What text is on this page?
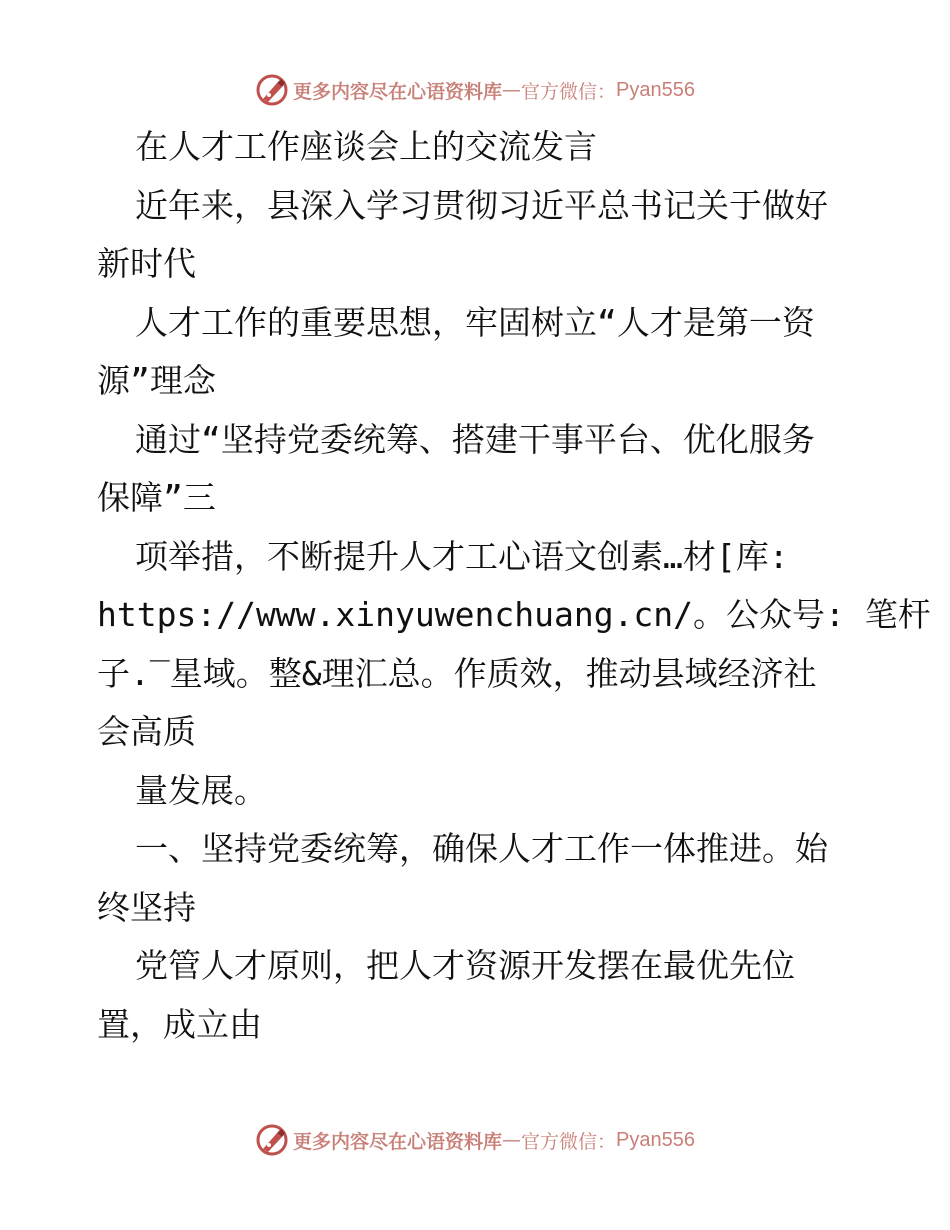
更多内容尽在心语资料库 — 官方微信： Pyan556
在人才工作座谈会上的交流发言
近年来，县深入学习贯彻习近平总书记关于做好
新时代
人才工作的重要思想，牢固树立“人才是第一资
源”理念
通过“坚持党委统筹、搭建干事平台、优化服务
保障”三
项举措，不断提升人才工心语文创素…材[库:
https://www.xinyuwenchuang.cn/。公众号: 笔杆
子.‾星域。整&理汇总。作质效，推动县域经济社
会高质
量发展。
一、坚持党委统筹，确保人才工作一体推进。始
终坚持
党管人才原则，把人才资源开发摆在最优先位
置，成立由
更多内容尽在心语资料库 — 官方微信： Pyan556
